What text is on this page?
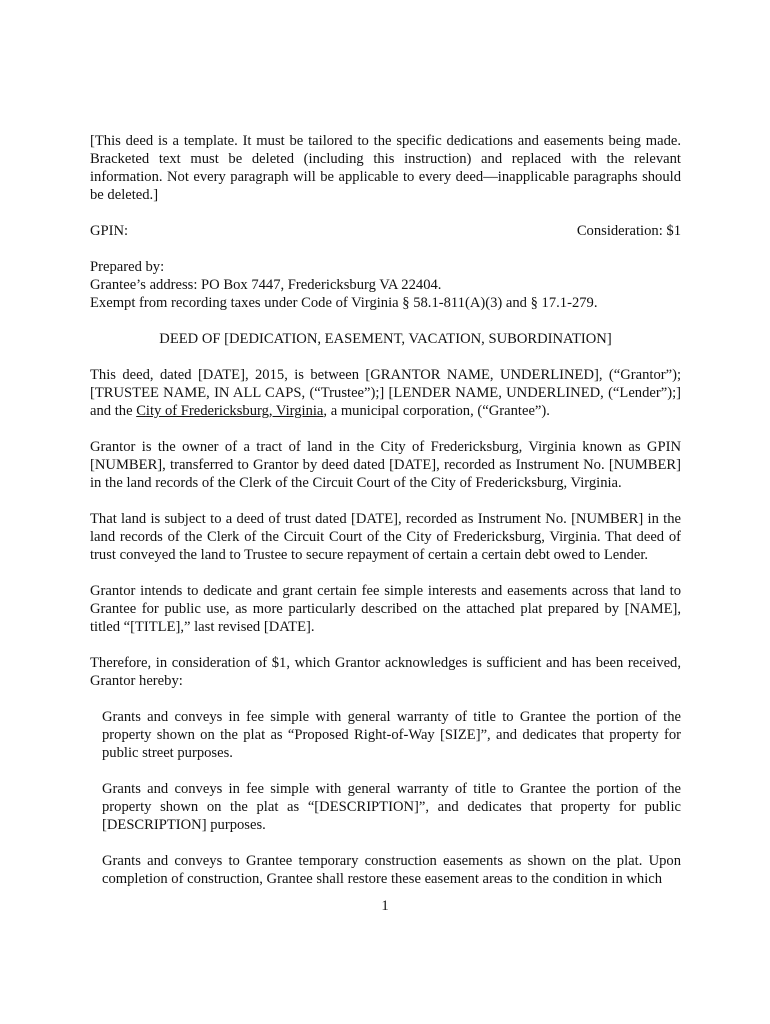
[This deed is a template. It must be tailored to the specific dedications and easements being made. Bracketed text must be deleted (including this instruction) and replaced with the relevant information. Not every paragraph will be applicable to every deed—inapplicable paragraphs should be deleted.]

GPIN:	Consideration: $1

Prepared by:
Grantee’s address: PO Box 7447, Fredericksburg VA 22404.
Exempt from recording taxes under Code of Virginia § 58.1-811(A)(3) and § 17.1-279.

DEED OF [DEDICATION, EASEMENT, VACATION, SUBORDINATION]

This deed, dated [DATE], 2015, is between [GRANTOR NAME, UNDERLINED], (“Grantor”); [TRUSTEE NAME, IN ALL CAPS, (“Trustee”);] [LENDER NAME, UNDERLINED, (“Lender”);] and the City of Fredericksburg, Virginia, a municipal corporation, (“Grantee”).

Grantor is the owner of a tract of land in the City of Fredericksburg, Virginia known as GPIN [NUMBER], transferred to Grantor by deed dated [DATE], recorded as Instrument No. [NUMBER] in the land records of the Clerk of the Circuit Court of the City of Fredericksburg, Virginia.

That land is subject to a deed of trust dated [DATE], recorded as Instrument No. [NUMBER] in the land records of the Clerk of the Circuit Court of the City of Fredericksburg, Virginia. That deed of trust conveyed the land to Trustee to secure repayment of certain a certain debt owed to Lender.

Grantor intends to dedicate and grant certain fee simple interests and easements across that land to Grantee for public use, as more particularly described on the attached plat prepared by [NAME], titled “[TITLE],” last revised [DATE].

Therefore, in consideration of $1, which Grantor acknowledges is sufficient and has been received, Grantor hereby:

Grants and conveys in fee simple with general warranty of title to Grantee the portion of the property shown on the plat as “Proposed Right-of-Way [SIZE]”, and dedicates that property for public street purposes.

Grants and conveys in fee simple with general warranty of title to Grantee the portion of the property shown on the plat as “[DESCRIPTION]”, and dedicates that property for public [DESCRIPTION] purposes.

Grants and conveys to Grantee temporary construction easements as shown on the plat. Upon completion of construction, Grantee shall restore these easement areas to the condition in which

1
